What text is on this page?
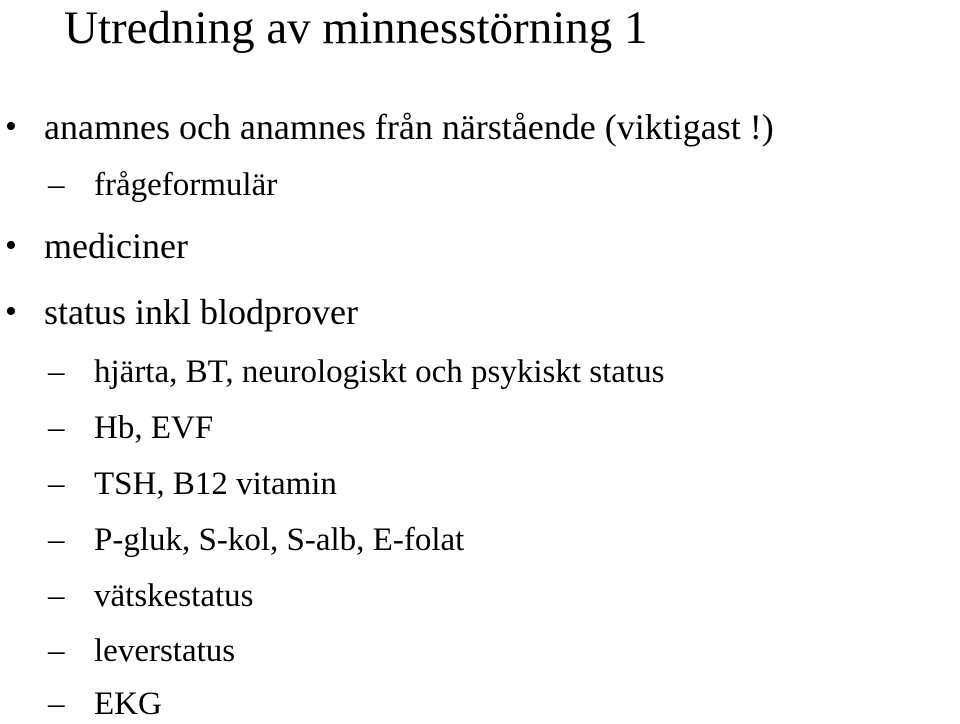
Utredning av minnesstörning 1
• anamnes och anamnes från närstående (viktigast !)
– frågeformulär
• mediciner
• status inkl blodprover
– hjärta, BT, neurologiskt och psykiskt status
– Hb, EVF
– TSH, B12 vitamin
– P-gluk, S-kol, S-alb, E-folat
– vätskestatus
– leverstatus
– EKG
